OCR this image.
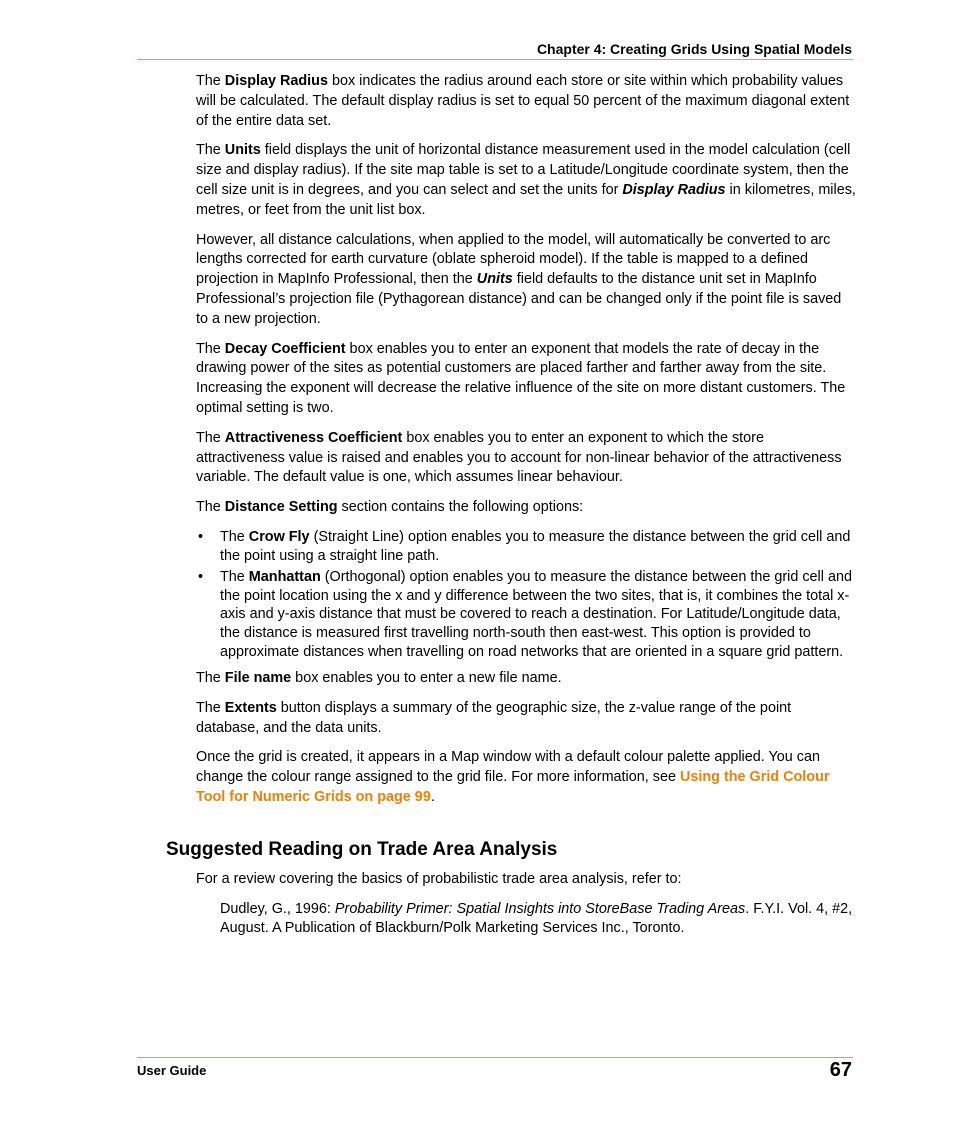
Chapter 4: Creating Grids Using Spatial Models

The Display Radius box indicates the radius around each store or site within which probability values will be calculated. The default display radius is set to equal 50 percent of the maximum diagonal extent of the entire data set.

The Units field displays the unit of horizontal distance measurement used in the model calculation (cell size and display radius). If the site map table is set to a Latitude/Longitude coordinate system, then the cell size unit is in degrees, and you can select and set the units for Display Radius in kilometres, miles, metres, or feet from the unit list box.

However, all distance calculations, when applied to the model, will automatically be converted to arc lengths corrected for earth curvature (oblate spheroid model). If the table is mapped to a defined projection in MapInfo Professional, then the Units field defaults to the distance unit set in MapInfo Professional’s projection file (Pythagorean distance) and can be changed only if the point file is saved to a new projection.

The Decay Coefficient box enables you to enter an exponent that models the rate of decay in the drawing power of the sites as potential customers are placed farther and farther away from the site. Increasing the exponent will decrease the relative influence of the site on more distant customers. The optimal setting is two.

The Attractiveness Coefficient box enables you to enter an exponent to which the store attractiveness value is raised and enables you to account for non-linear behavior of the attractiveness variable. The default value is one, which assumes linear behaviour.

The Distance Setting section contains the following options:

• The Crow Fly (Straight Line) option enables you to measure the distance between the grid cell and the point using a straight line path.
• The Manhattan (Orthogonal) option enables you to measure the distance between the grid cell and the point location using the x and y difference between the two sites, that is, it combines the total x-axis and y-axis distance that must be covered to reach a destination. For Latitude/Longitude data, the distance is measured first travelling north-south then east-west. This option is provided to approximate distances when travelling on road networks that are oriented in a square grid pattern.

The File name box enables you to enter a new file name.

The Extents button displays a summary of the geographic size, the z-value range of the point database, and the data units.

Once the grid is created, it appears in a Map window with a default colour palette applied. You can change the colour range assigned to the grid file. For more information, see Using the Grid Colour Tool for Numeric Grids on page 99.

Suggested Reading on Trade Area Analysis

For a review covering the basics of probabilistic trade area analysis, refer to:

Dudley, G., 1996: Probability Primer: Spatial Insights into StoreBase Trading Areas. F.Y.I. Vol. 4, #2, August. A Publication of Blackburn/Polk Marketing Services Inc., Toronto.

User Guide	67
